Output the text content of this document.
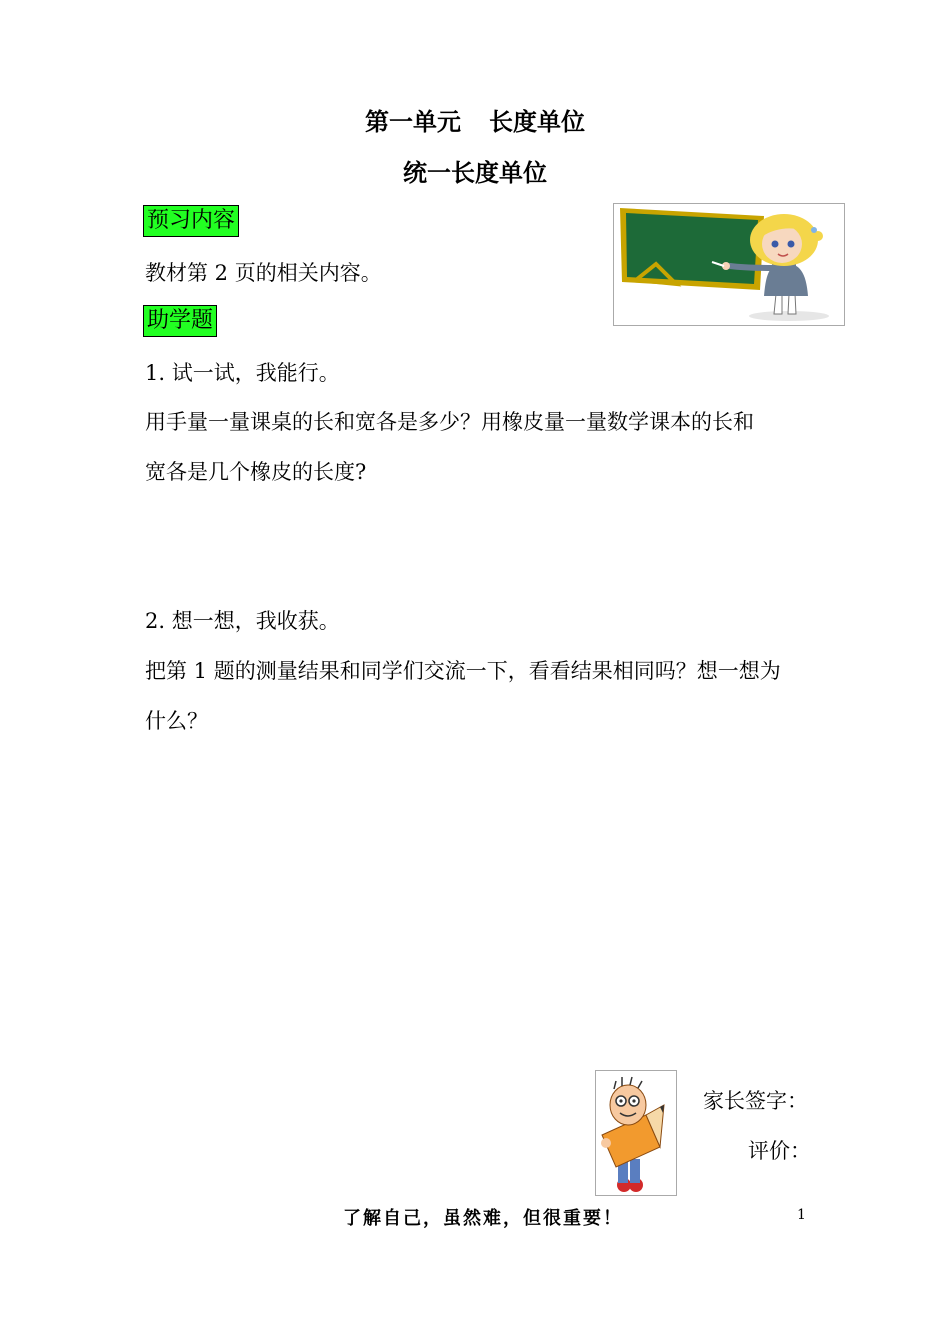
第一单元 长度单位
统一长度单位
预习内容
教材第 2 页的相关内容。
助学题
1. 试一试，我能行。
用手量一量课桌的长和宽各是多少？用橡皮量一量数学课本的长和
宽各是几个橡皮的长度?
2. 想一想，我收获。
把第 1 题的测量结果和同学们交流一下，看看结果相同吗？想一想为
什么？
家长签字：
评价：
了解自己，虽然难，但很重要！	1
